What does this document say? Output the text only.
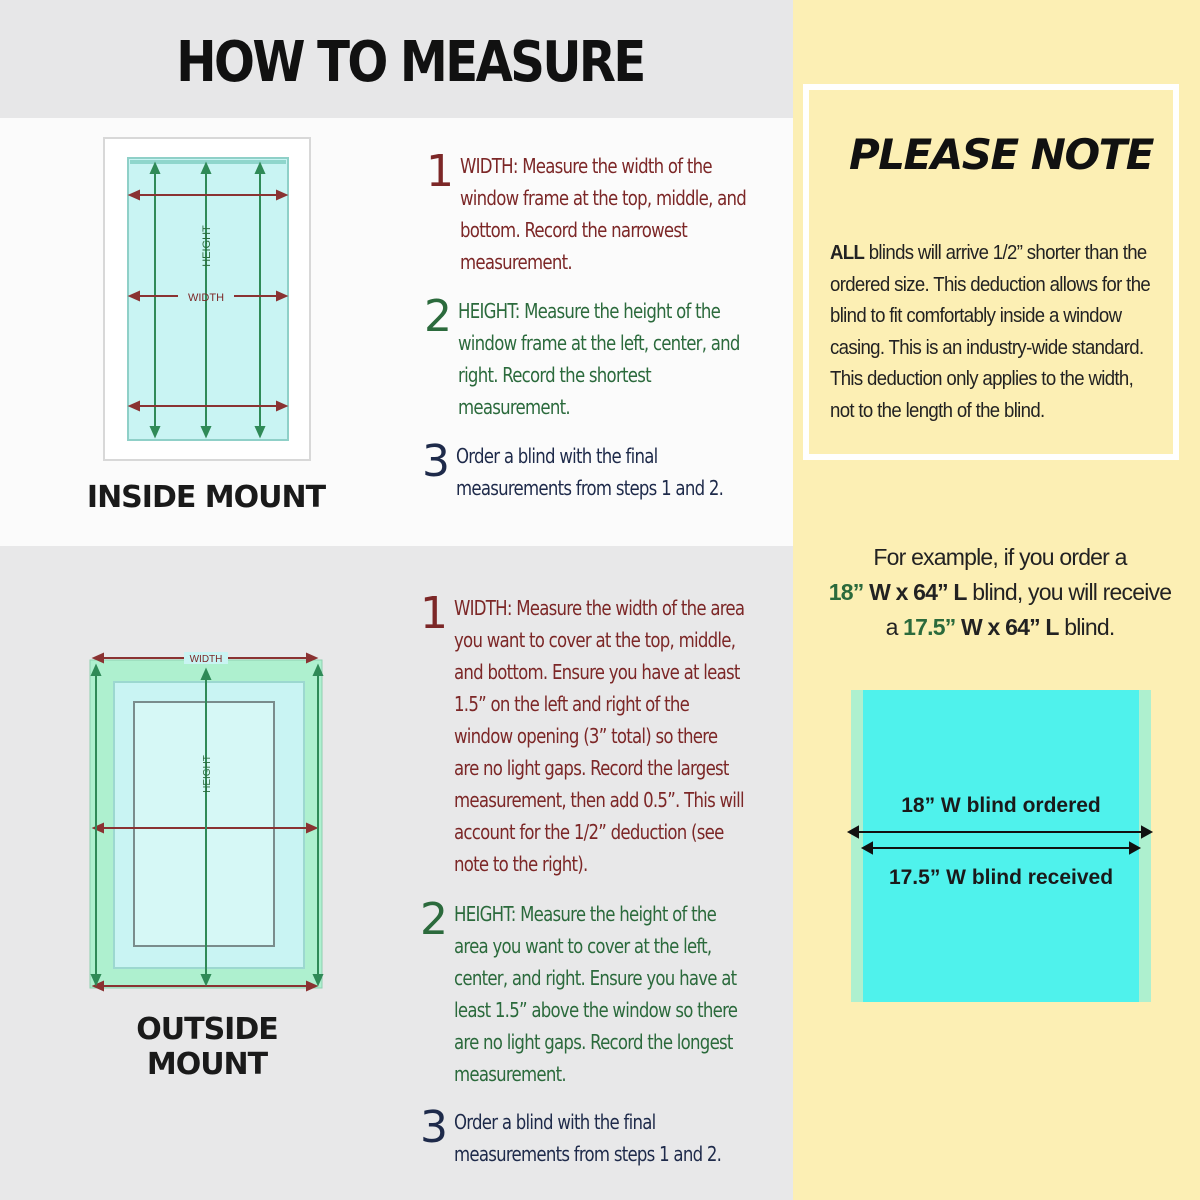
HOW TO MEASURE
WIDTH
HEIGHT
INSIDE MOUNT
1 WIDTH: Measure the width of the
window frame at the top, middle, and
bottom. Record the narrowest
measurement.
2 HEIGHT: Measure the height of the
window frame at the left, center, and
right. Record the shortest
measurement.
3 Order a blind with the final
measurements from steps 1 and 2.
WIDTH
HEIGHT
OUTSIDE MOUNT
1 WIDTH: Measure the width of the area
you want to cover at the top, middle,
and bottom. Ensure you have at least
1.5” on the left and right of the
window opening (3” total) so there
are no light gaps. Record the largest
measurement, then add 0.5”. This will
account for the 1/2” deduction (see
note to the right).
2 HEIGHT: Measure the height of the
area you want to cover at the left,
center, and right. Ensure you have at
least 1.5” above the window so there
are no light gaps. Record the longest
measurement.
3 Order a blind with the final
measurements from steps 1 and 2.
PLEASE NOTE
ALL blinds will arrive 1/2” shorter than the ordered size. This deduction allows for the blind to fit comfortably inside a window casing. This is an industry-wide standard. This deduction only applies to the width, not to the length of the blind.
For example, if you order a
18” W x 64” L blind, you will receive
a 17.5” W x 64” L blind.
18” W blind ordered
17.5” W blind received
